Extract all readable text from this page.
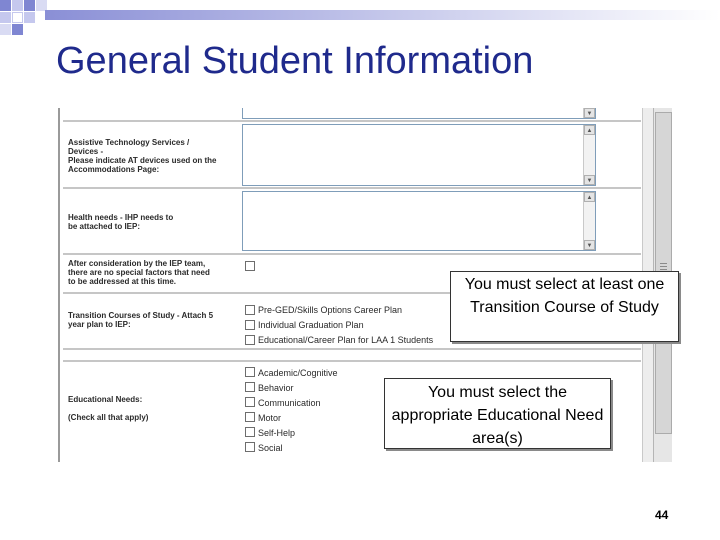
General Student Information
▼
Assistive Technology Services /
Devices -
Please indicate AT devices used on the
Accommodations Page:
▲
▼
Health needs - IHP needs to
be attached to IEP:
▲
▼
After consideration by the IEP team,
there are no special factors that need
to be addressed at this time.
Transition Courses of Study - Attach 5
year plan to IEP:
Pre-GED/Skills Options Career Plan
Individual Graduation Plan
Educational/Career Plan for LAA 1 Students
Educational Needs:
(Check all that apply)
Academic/Cognitive
Behavior
Communication
Motor
Self-Help
Social
You must select at least one Transition Course of Study
You must select the appropriate Educational Need area(s)
44
